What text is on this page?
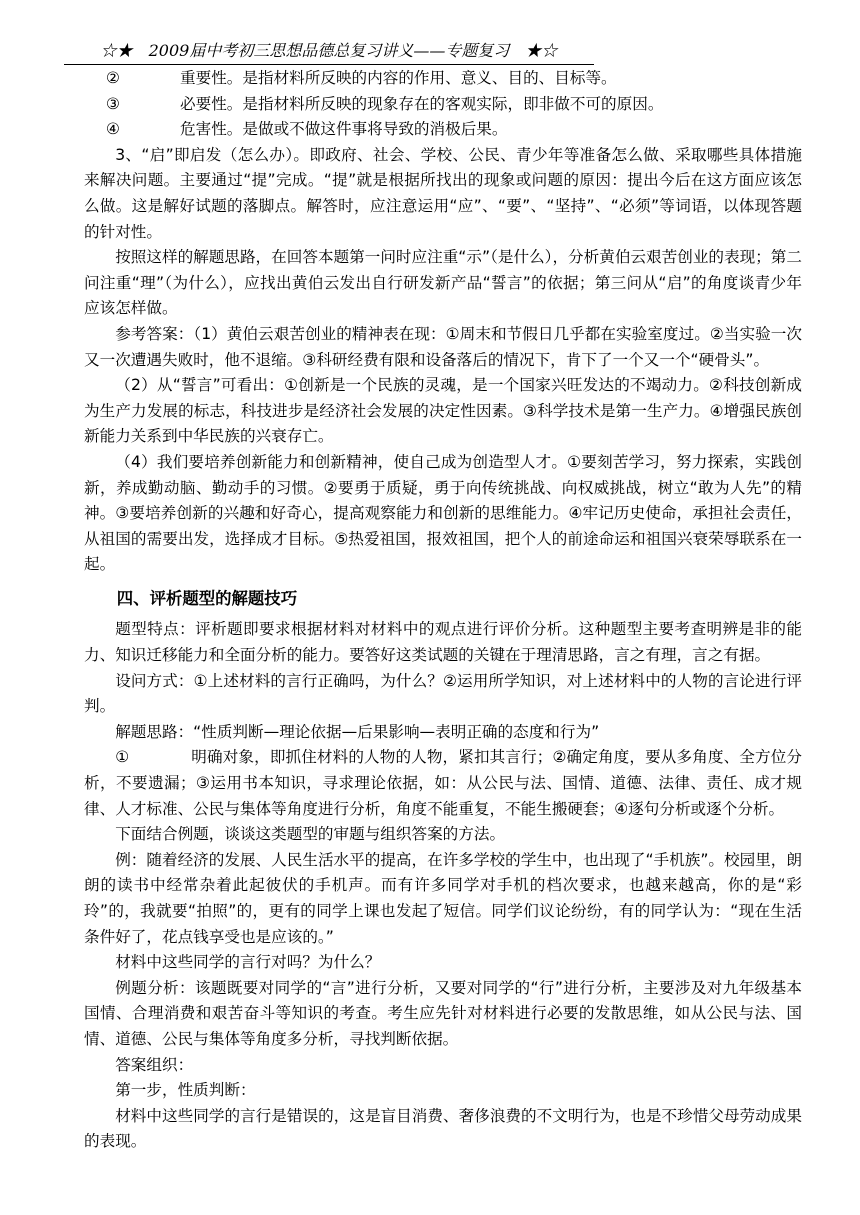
☆★　2009届中考初三思想品德总复习讲义——专题复习　★☆

②	重要性。是指材料所反映的内容的作用、意义、目的、目标等。

③	必要性。是指材料所反映的现象存在的客观实际，即非做不可的原因。

④	危害性。是做或不做这件事将导致的消极后果。

3、“启”即启发（怎么办）。即政府、社会、学校、公民、青少年等准备怎么做、采取哪些具体措施来解决问题。主要通过“提”完成。“提”就是根据所找出的现象或问题的原因：提出今后在这方面应该怎么做。这是解好试题的落脚点。解答时，应注意运用“应”、“要”、“坚持”、“必须”等词语，以体现答题的针对性。

按照这样的解题思路，在回答本题第一问时应注重“示”（是什么），分析黄伯云艰苦创业的表现；第二问注重“理”（为什么），应找出黄伯云发出自行研发新产品“誓言”的依据；第三问从“启”的角度谈青少年应该怎样做。

参考答案：（1）黄伯云艰苦创业的精神表在现：①周末和节假日几乎都在实验室度过。②当实验一次又一次遭遇失败时，他不退缩。③科研经费有限和设备落后的情况下，肯下了一个又一个“硬骨头”。

（2）从“誓言”可看出：①创新是一个民族的灵魂，是一个国家兴旺发达的不竭动力。②科技创新成为生产力发展的标志，科技进步是经济社会发展的决定性因素。③科学技术是第一生产力。④增强民族创新能力关系到中华民族的兴衰存亡。

（4）我们要培养创新能力和创新精神，使自己成为创造型人才。①要刻苦学习，努力探索，实践创新，养成勤动脑、勤动手的习惯。②要勇于质疑，勇于向传统挑战、向权威挑战，树立“敢为人先”的精神。③要培养创新的兴趣和好奇心，提高观察能力和创新的思维能力。④牢记历史使命，承担社会责任，从祖国的需要出发，选择成才目标。⑤热爱祖国，报效祖国，把个人的前途命运和祖国兴衰荣辱联系在一起。

四、评析题型的解题技巧

题型特点：评析题即要求根据材料对材料中的观点进行评价分析。这种题型主要考查明辨是非的能力、知识迁移能力和全面分析的能力。要答好这类试题的关键在于理清思路，言之有理，言之有据。

设问方式：①上述材料的言行正确吗，为什么？②运用所学知识，对上述材料中的人物的言论进行评判。

解题思路：“性质判断—理论依据—后果影响—表明正确的态度和行为”

①	明确对象，即抓住材料的人物的人物，紧扣其言行；②确定角度，要从多角度、全方位分析，不要遗漏；③运用书本知识，寻求理论依据，如：从公民与法、国情、道德、法律、责任、成才规律、人才标准、公民与集体等角度进行分析，角度不能重复，不能生搬硬套；④逐句分析或逐个分析。

下面结合例题，谈谈这类题型的审题与组织答案的方法。

例：随着经济的发展、人民生活水平的提高，在许多学校的学生中，也出现了“手机族”。校园里，朗朗的读书中经常杂着此起彼伏的手机声。而有许多同学对手机的档次要求，也越来越高，你的是“彩玲”的，我就要“拍照”的，更有的同学上课也发起了短信。同学们议论纷纷，有的同学认为：“现在生活条件好了，花点钱享受也是应该的。”

材料中这些同学的言行对吗？为什么？

例题分析：该题既要对同学的“言”进行分析，又要对同学的“行”进行分析，主要涉及对九年级基本国情、合理消费和艰苦奋斗等知识的考查。考生应先针对材料进行必要的发散思维，如从公民与法、国情、道德、公民与集体等角度多分析，寻找判断依据。

答案组织：

第一步，性质判断：

材料中这些同学的言行是错误的，这是盲目消费、奢侈浪费的不文明行为，也是不珍惜父母劳动成果的表现。
